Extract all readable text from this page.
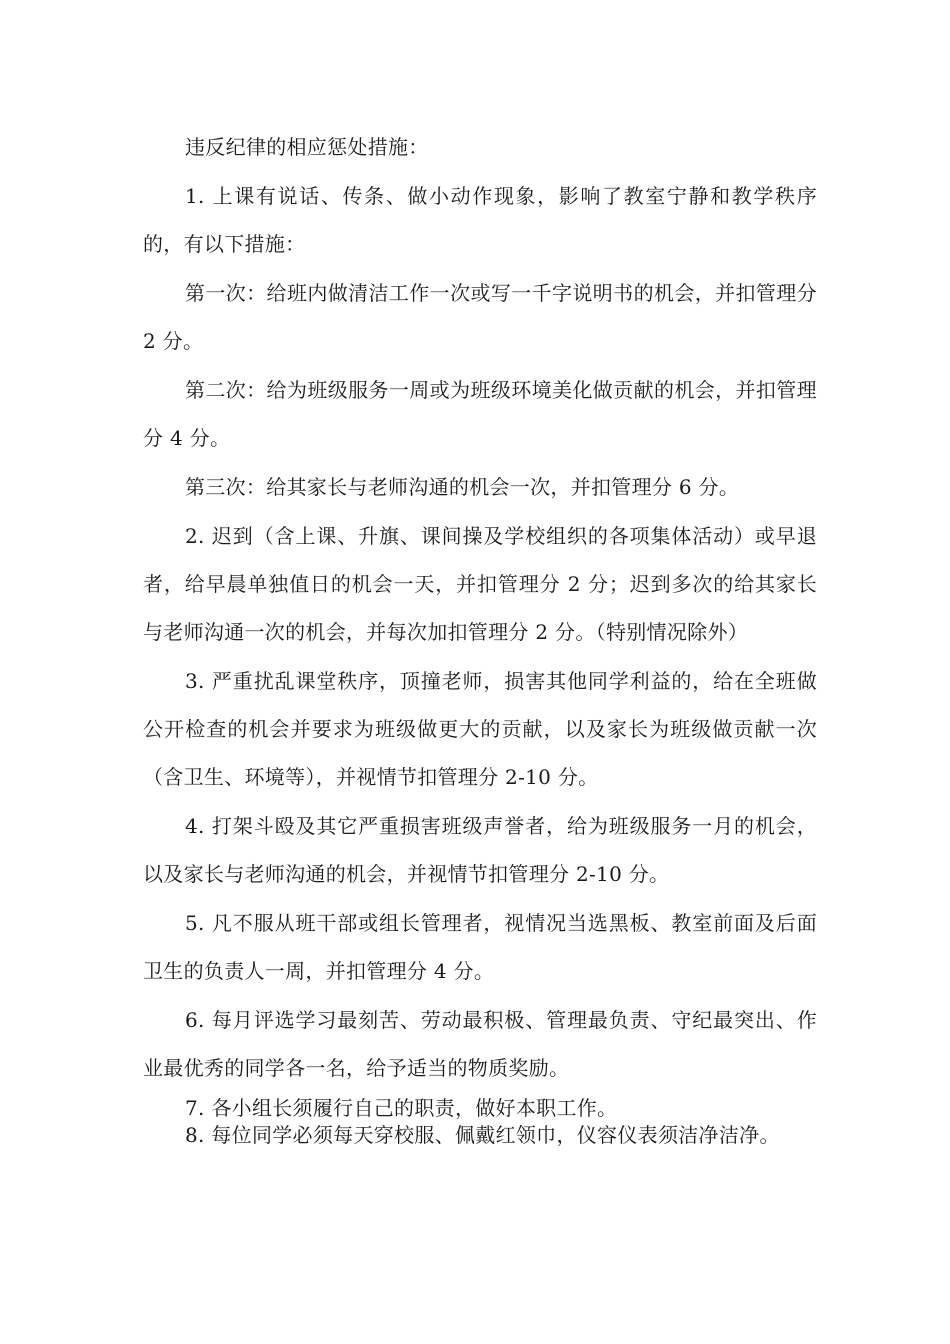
违反纪律的相应惩处措施：

1. 上课有说话、传条、做小动作现象，影响了教室宁静和教学秩序的，有以下措施：

第一次：给班内做清洁工作一次或写一千字说明书的机会，并扣管理分 2 分。

第二次：给为班级服务一周或为班级环境美化做贡献的机会，并扣管理分 4 分。

第三次：给其家长与老师沟通的机会一次，并扣管理分 6 分。

2. 迟到（含上课、升旗、课间操及学校组织的各项集体活动）或早退者，给早晨单独值日的机会一天，并扣管理分 2 分；迟到多次的给其家长与老师沟通一次的机会，并每次加扣管理分 2 分。（特别情况除外）

3. 严重扰乱课堂秩序，顶撞老师，损害其他同学利益的，给在全班做公开检查的机会并要求为班级做更大的贡献，以及家长为班级做贡献一次（含卫生、环境等），并视情节扣管理分 2-10 分。

4. 打架斗殴及其它严重损害班级声誉者，给为班级服务一月的机会，以及家长与老师沟通的机会，并视情节扣管理分 2-10 分。

5. 凡不服从班干部或组长管理者，视情况当选黑板、教室前面及后面卫生的负责人一周，并扣管理分 4 分。

6. 每月评选学习最刻苦、劳动最积极、管理最负责、守纪最突出、作业最优秀的同学各一名，给予适当的物质奖励。

7. 各小组长须履行自己的职责，做好本职工作。

8. 每位同学必须每天穿校服、佩戴红领巾，仪容仪表须洁净洁净。
